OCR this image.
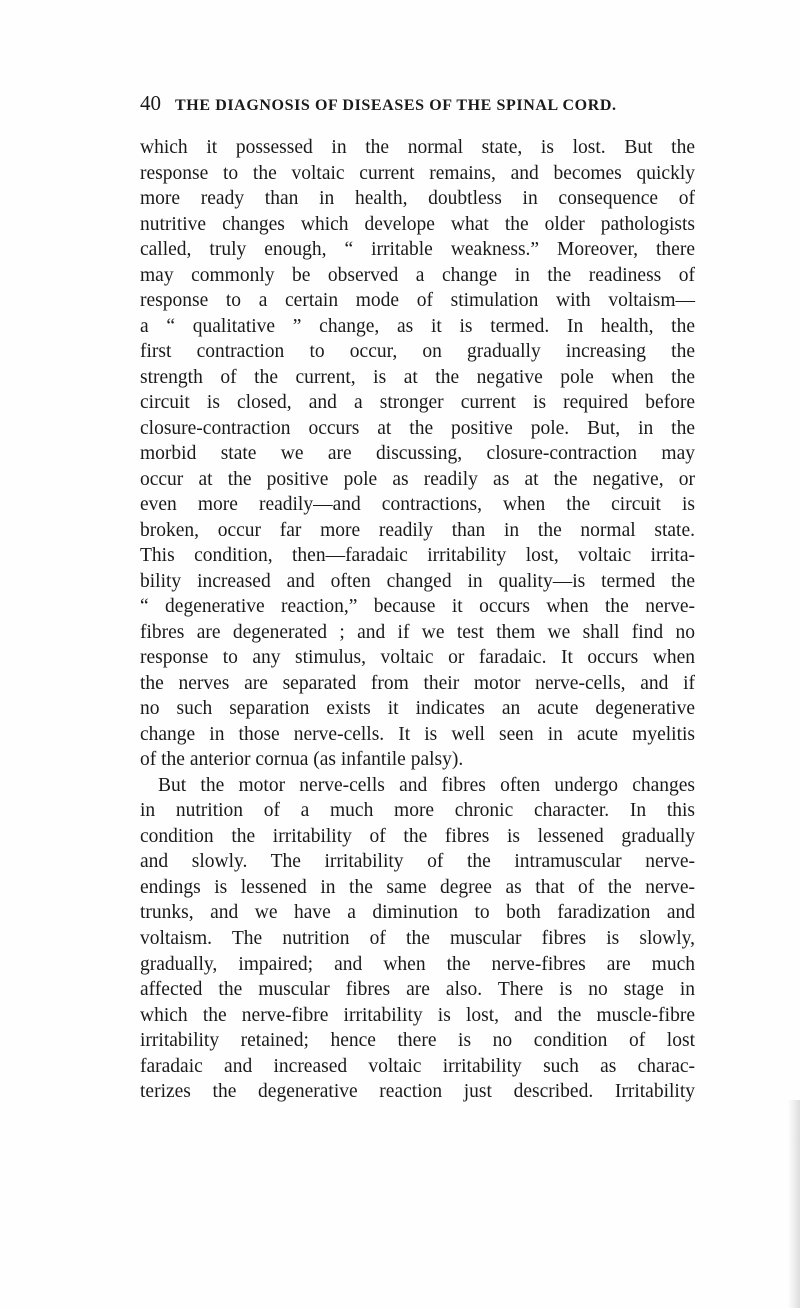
40 THE DIAGNOSIS OF DISEASES OF THE SPINAL CORD.
which it possessed in the normal state, is lost. But the
response to the voltaic current remains, and becomes quickly
more ready than in health, doubtless in consequence of
nutritive changes which develope what the older pathologists
called, truly enough, “ irritable weakness.” Moreover, there
may commonly be observed a change in the readiness of
response to a certain mode of stimulation with voltaism—
a “ qualitative ” change, as it is termed. In health, the
first contraction to occur, on gradually increasing the
strength of the current, is at the negative pole when the
circuit is closed, and a stronger current is required before
closure-contraction occurs at the positive pole. But, in the
morbid state we are discussing, closure-contraction may
occur at the positive pole as readily as at the negative, or
even more readily—and contractions, when the circuit is
broken, occur far more readily than in the normal state.
This condition, then—faradaic irritability lost, voltaic irrita-
bility increased and often changed in quality—is termed the
“ degenerative reaction,” because it occurs when the nerve-
fibres are degenerated ; and if we test them we shall find no
response to any stimulus, voltaic or faradaic. It occurs when
the nerves are separated from their motor nerve-cells, and if
no such separation exists it indicates an acute degenerative
change in those nerve-cells. It is well seen in acute myelitis
of the anterior cornua (as infantile palsy).
But the motor nerve-cells and fibres often undergo changes
in nutrition of a much more chronic character. In this
condition the irritability of the fibres is lessened gradually
and slowly. The irritability of the intramuscular nerve-
endings is lessened in the same degree as that of the nerve-
trunks, and we have a diminution to both faradization and
voltaism. The nutrition of the muscular fibres is slowly,
gradually, impaired; and when the nerve-fibres are much
affected the muscular fibres are also. There is no stage in
which the nerve-fibre irritability is lost, and the muscle-fibre
irritability retained; hence there is no condition of lost
faradaic and increased voltaic irritability such as charac-
terizes the degenerative reaction just described. Irritability
